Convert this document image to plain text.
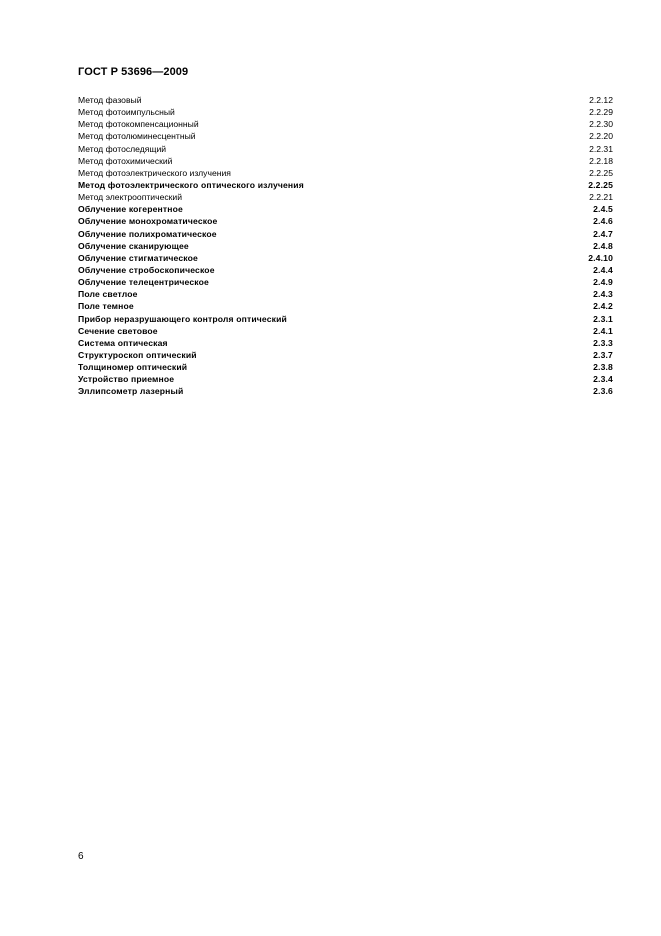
ГОСТ Р 53696—2009
Метод фазовый	2.2.12
Метод фотоимпульсный	2.2.29
Метод фотокомпенсационный	2.2.30
Метод фотолюминесцентный	2.2.20
Метод фотоследящий	2.2.31
Метод фотохимический	2.2.18
Метод фотоэлектрического излучения	2.2.25
Метод фотоэлектрического оптического излучения	2.2.25
Метод электрооптический	2.2.21
Облучение когерентное	2.4.5
Облучение монохроматическое	2.4.6
Облучение полихроматическое	2.4.7
Облучение сканирующее	2.4.8
Облучение стигматическое	2.4.10
Облучение стробоскопическое	2.4.4
Облучение телецентрическое	2.4.9
Поле светлое	2.4.3
Поле темное	2.4.2
Прибор неразрушающего контроля оптический	2.3.1
Сечение световое	2.4.1
Система оптическая	2.3.3
Структуроскоп оптический	2.3.7
Толщиномер оптический	2.3.8
Устройство приемное	2.3.4
Эллипсометр лазерный	2.3.6
6
